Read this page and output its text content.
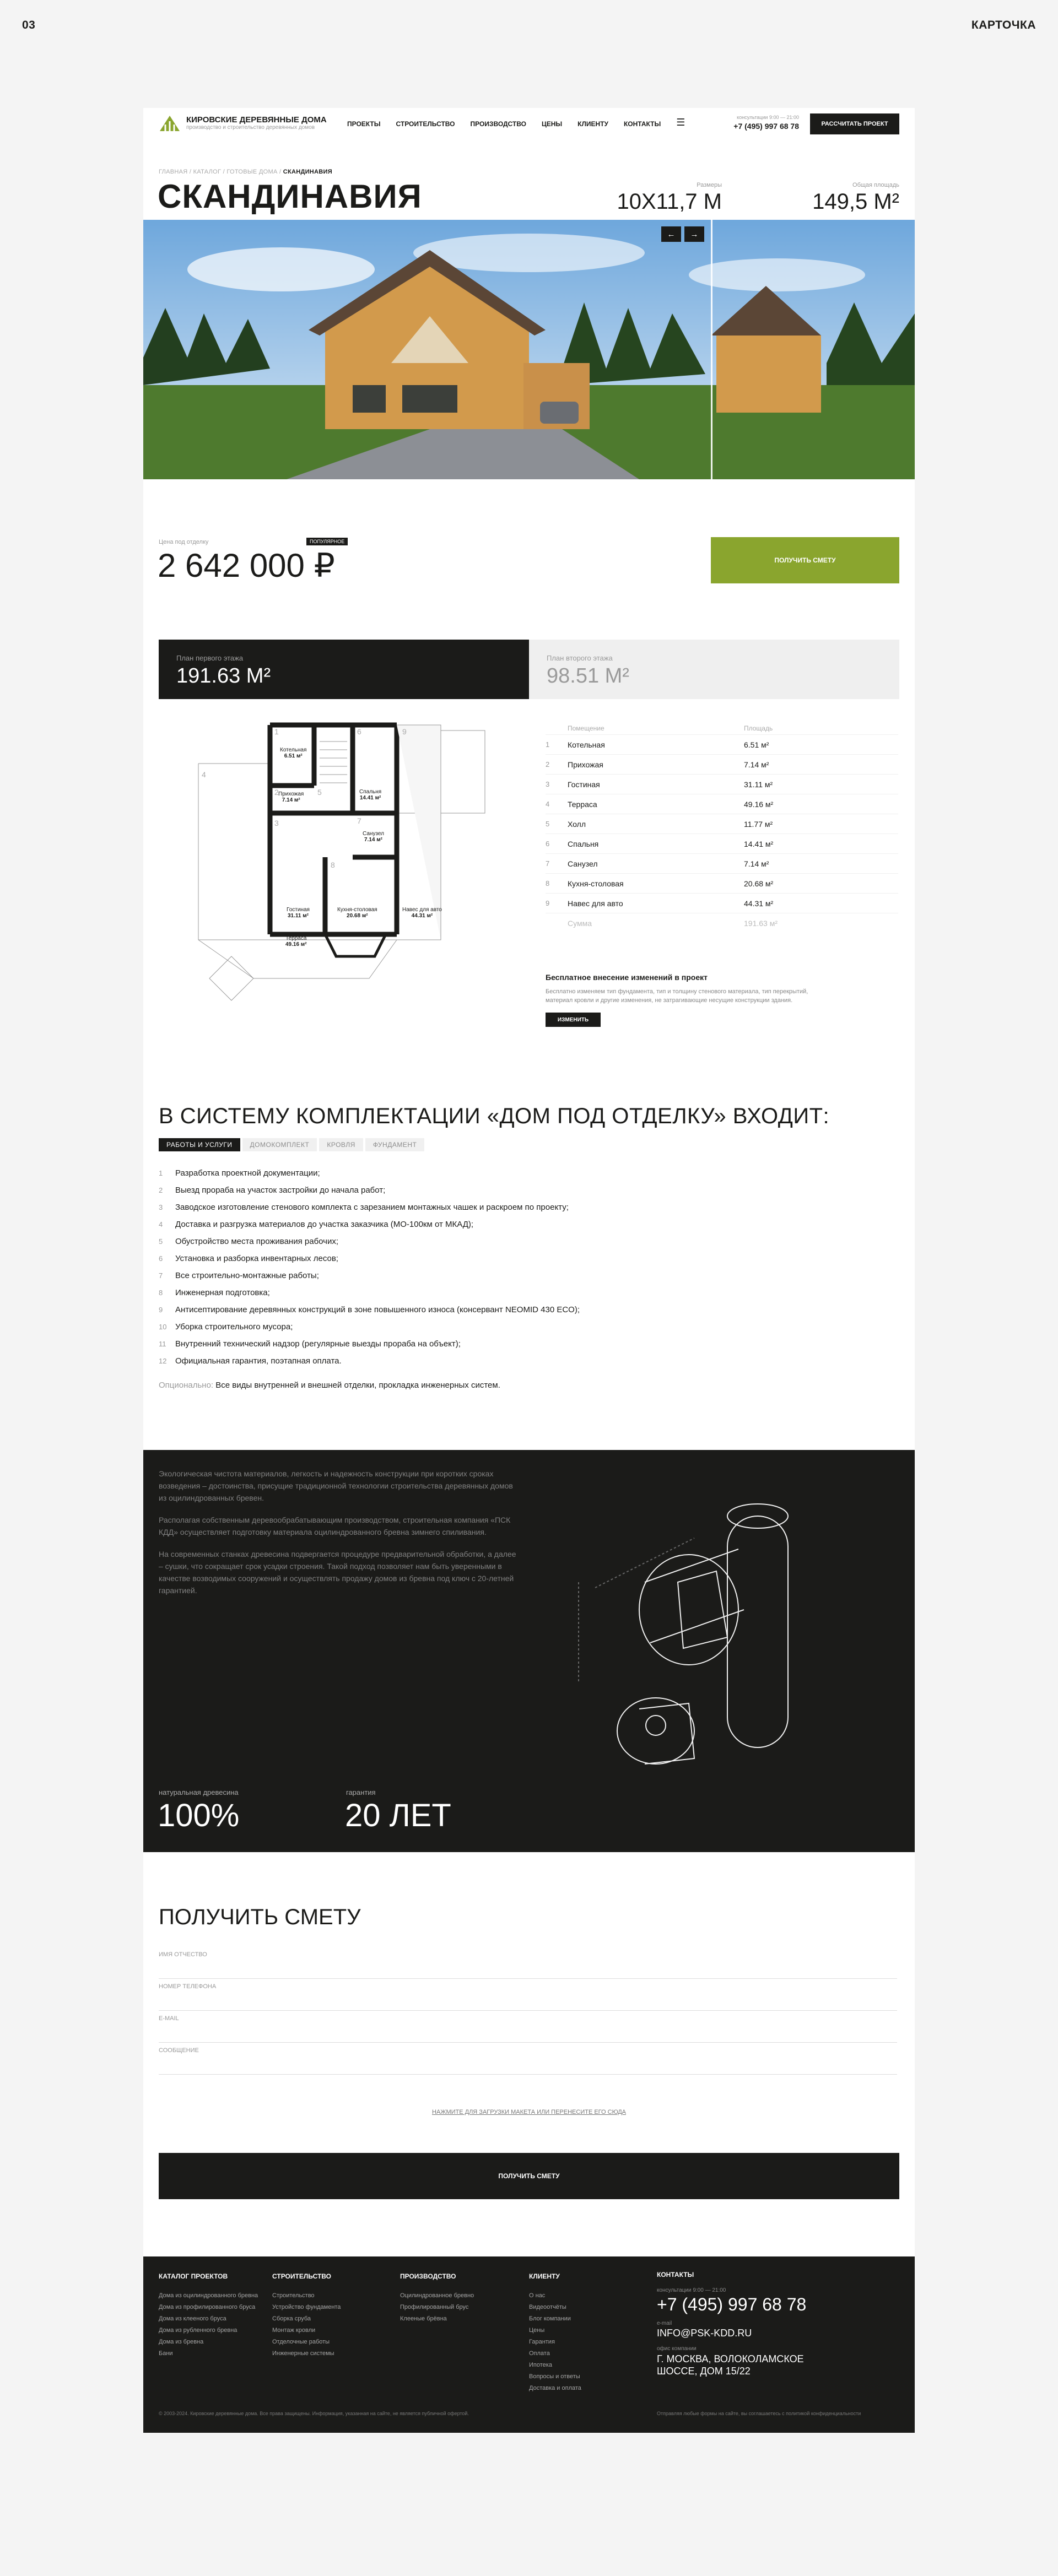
03	КАРТОЧКА
КИРОВСКИЕ ДЕРЕВЯННЫЕ ДОМА
производство и строительство деревянных домов	ПРОЕКТЫ СТРОИТЕЛЬСТВО ПРОИЗВОДСТВО ЦЕНЫ КЛИЕНТУ КОНТАКТЫ ☰	консультации 9:00 — 21:00
+7 (495) 997 68 78	РАССЧИТАТЬ ПРОЕКТ
ГЛАВНАЯ / КАТАЛОГ / ГОТОВЫЕ ДОМА / СКАНДИНАВИЯ
СКАНДИНАВИЯ	Размеры
10Х11,7 М
Общая площадь
149,5 М²
←	→
Цена под отделку	ПОПУЛЯРНОЕ
2 642 000 ₽	ПОЛУЧИТЬ СМЕТУ
План первого этажа
191.63 М²
План второго этажа
98.51 М²
1
2
3
4
5
6
7
8
9
Котельная
6.51 м²
Прихожая
7.14 м²
Спальня
14.41 м²
Санузел
7.14 м²
Гостиная
31.11 м²
Кухня-столовая
20.68 м²
Навес для авто
44.31 м²
Терраса
49.16 м²
Помещение	Площадь
1	Котельная	6.51 м²
2	Прихожая	7.14 м²
3	Гостиная	31.11 м²
4	Терраса	49.16 м²
5	Холл	11.77 м²
6	Спальня	14.41 м²
7	Санузел	7.14 м²
8	Кухня-столовая	20.68 м²
9	Навес для авто	44.31 м²
Сумма	191.63 м²
Бесплатное внесение изменений в проект
Бесплатно изменяем тип фундамента, тип и толщину стенового материала, тип перекрытий, материал кровли и другие изменения, не затрагивающие несущие конструкции здания.
ИЗМЕНИТЬ
В СИСТЕМУ КОМПЛЕКТАЦИИ «ДОМ ПОД ОТДЕЛКУ» ВХОДИТ:
РАБОТЫ И УСЛУГИ	ДОМОКОМПЛЕКТ	КРОВЛЯ	ФУНДАМЕНТ
1	Разработка проектной документации;
2	Выезд прораба на участок застройки до начала работ;
3	Заводское изготовление стенового комплекта с зарезанием монтажных чашек и раскроем по проекту;
4	Доставка и разгрузка материалов до участка заказчика (МО-100км от МКАД);
5	Обустройство места проживания рабочих;
6	Установка и разборка инвентарных лесов;
7	Все строительно-монтажные работы;
8	Инженерная подготовка;
9	Антисептирование деревянных конструкций в зоне повышенного износа (консервант NEOMID 430 ECO);
10	Уборка строительного мусора;
11	Внутренний технический надзор (регулярные выезды прораба на объект);
12	Официальная гарантия, поэтапная оплата.
Опционально: Все виды внутренней и внешней отделки, прокладка инженерных систем.

Экологическая чистота материалов, легкость и надежность конструкции при коротких сроках возведения – достоинства, присущие традиционной технологии строительства деревянных домов из оцилиндрованных бревен.

Располагая собственным деревообрабатывающим производством, строительная компания «ПСК КДД» осуществляет подготовку материала оцилиндрованного бревна зимнего спиливания.

На современных станках древесина подвергается процедуре предварительной обработки, а далее – сушки, что сокращает срок усадки строения. Такой подход позволяет нам быть уверенными в качестве возводимых сооружений и осуществлять продажу домов из бревна под ключ с 20-летней гарантией.

натуральная древесина
100%
гарантия
20 ЛЕТ
ПОЛУЧИТЬ СМЕТУ
ИМЯ ОТЧЕСТВО
НОМЕР ТЕЛЕФОНА
E-MAIL
СООБЩЕНИЕ
НАЖМИТЕ ДЛЯ ЗАГРУЗКИ МАКЕТА ИЛИ ПЕРЕНЕСИТЕ ЕГО СЮДА
ПОЛУЧИТЬ СМЕТУ
КАТАЛОГ ПРОЕКТОВ
Дома из оцилиндрованного бревна
Дома из профилированного бруса
Дома из клееного бруса
Дома из рубленного бревна
Дома из бревна
Бани
СТРОИТЕЛЬСТВО
Строительство
Устройство фундамента
Сборка сруба
Монтаж кровли
Отделочные работы
Инженерные системы
ПРОИЗВОДСТВО
Оцилиндрованное бревно
Профилированный брус
Клееные брёвна
КЛИЕНТУ
О нас
Видеоотчёты
Блог компании
Цены
Гарантия
Оплата
Ипотека
Вопросы и ответы
Доставка и оплата
КОНТАКТЫ
консультации 9:00 — 21:00
+7 (495) 997 68 78
e-mail
INFO@PSK-KDD.RU
офис компании
Г. МОСКВА, ВОЛОКОЛАМСКОЕ ШОССЕ, ДОМ 15/22
© 2003-2024. Кировские деревянные дома. Все права защищены. Информация, указанная на сайте, не является публичной офертой.	Отправляя любые формы на сайте, вы соглашаетесь с политикой конфиденциальности
